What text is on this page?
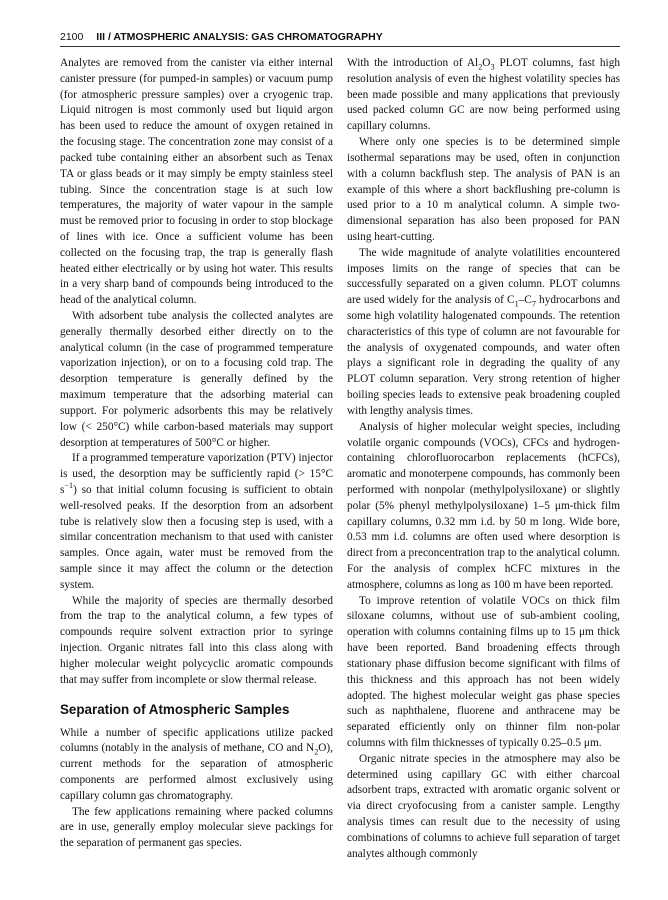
2100 III / ATMOSPHERIC ANALYSIS: GAS CHROMATOGRAPHY

Analytes are removed from the canister via either internal canister pressure (for pumped-in samples) or vacuum pump (for atmospheric pressure samples) over a cryogenic trap. Liquid nitrogen is most commonly used but liquid argon has been used to reduce the amount of oxygen retained in the focusing stage. The concentration zone may consist of a packed tube containing either an absorbent such as Tenax TA or glass beads or it may simply be empty stainless steel tubing. Since the concentration stage is at such low temperatures, the majority of water vapour in the sample must be removed prior to focusing in order to stop blockage of lines with ice. Once a sufficient volume has been collected on the focusing trap, the trap is generally flash heated either electrically or by using hot water. This results in a very sharp band of compounds being introduced to the head of the analytical column.

With adsorbent tube analysis the collected analytes are generally thermally desorbed either directly on to the analytical column (in the case of programmed temperature vaporization injection), or on to a focusing cold trap. The desorption temperature is generally defined by the maximum temperature that the adsorbing material can support. For polymeric adsorbents this may be relatively low (< 250°C) while carbon-based materials may support desorption at temperatures of 500°C or higher.

If a programmed temperature vaporization (PTV) injector is used, the desorption may be sufficiently rapid (> 15°C $s^{-1}$) so that initial column focusing is sufficient to obtain well-resolved peaks. If the desorption from an adsorbent tube is relatively slow then a focusing step is used, with a similar concentration mechanism to that used with canister samples. Once again, water must be removed from the sample since it may affect the column or the detection system.

While the majority of species are thermally desorbed from the trap to the analytical column, a few types of compounds require solvent extraction prior to syringe injection. Organic nitrates fall into this class along with higher molecular weight polycyclic aromatic compounds that may suffer from incomplete or slow thermal release.

Separation of Atmospheric Samples

While a number of specific applications utilize packed columns (notably in the analysis of methane, CO and $N_2O$), current methods for the separation of atmospheric components are performed almost exclusively using capillary column gas chromatography.

The few applications remaining where packed columns are in use, generally employ molecular sieve packings for the separation of permanent gas species.

With the introduction of $Al_2O_3$ PLOT columns, fast high resolution analysis of even the highest volatility species has been made possible and many applications that previously used packed column GC are now being performed using capillary columns.

Where only one species is to be determined simple isothermal separations may be used, often in conjunction with a column backflush step. The analysis of PAN is an example of this where a short backflushing pre-column is used prior to a 10 m analytical column. A simple two-dimensional separation has also been proposed for PAN using heart-cutting.

The wide magnitude of analyte volatilities encountered imposes limits on the range of species that can be successfully separated on a given column. PLOT columns are used widely for the analysis of $C_1-C_7$ hydrocarbons and some high volatility halogenated compounds. The retention characteristics of this type of column are not favourable for the analysis of oxygenated compounds, and water often plays a significant role in degrading the quality of any PLOT column separation. Very strong retention of higher boiling species leads to extensive peak broadening coupled with lengthy analysis times.

Analysis of higher molecular weight species, including volatile organic compounds (VOCs), CFCs and hydrogen-containing chlorofluorocarbon replacements (hCFCs), aromatic and monoterpene compounds, has commonly been performed with nonpolar (methylpolysiloxane) or slightly polar (5% phenyl methylpolysiloxane) 1–5 μm-thick film capillary columns, 0.32 mm i.d. by 50 m long. Wide bore, 0.53 mm i.d. columns are often used where desorption is direct from a preconcentration trap to the analytical column. For the analysis of complex hCFC mixtures in the atmosphere, columns as long as 100 m have been reported.

To improve retention of volatile VOCs on thick film siloxane columns, without use of sub-ambient cooling, operation with columns containing films up to 15 μm thick have been reported. Band broadening effects through stationary phase diffusion become significant with films of this thickness and this approach has not been widely adopted. The highest molecular weight gas phase species such as naphthalene, fluorene and anthracene may be separated efficiently only on thinner film non-polar columns with film thicknesses of typically 0.25–0.5 μm.

Organic nitrate species in the atmosphere may also be determined using capillary GC with either charcoal adsorbent traps, extracted with aromatic organic solvent or via direct cryofocusing from a canister sample. Lengthy analysis times can result due to the necessity of using combinations of columns to achieve full separation of target analytes although commonly
